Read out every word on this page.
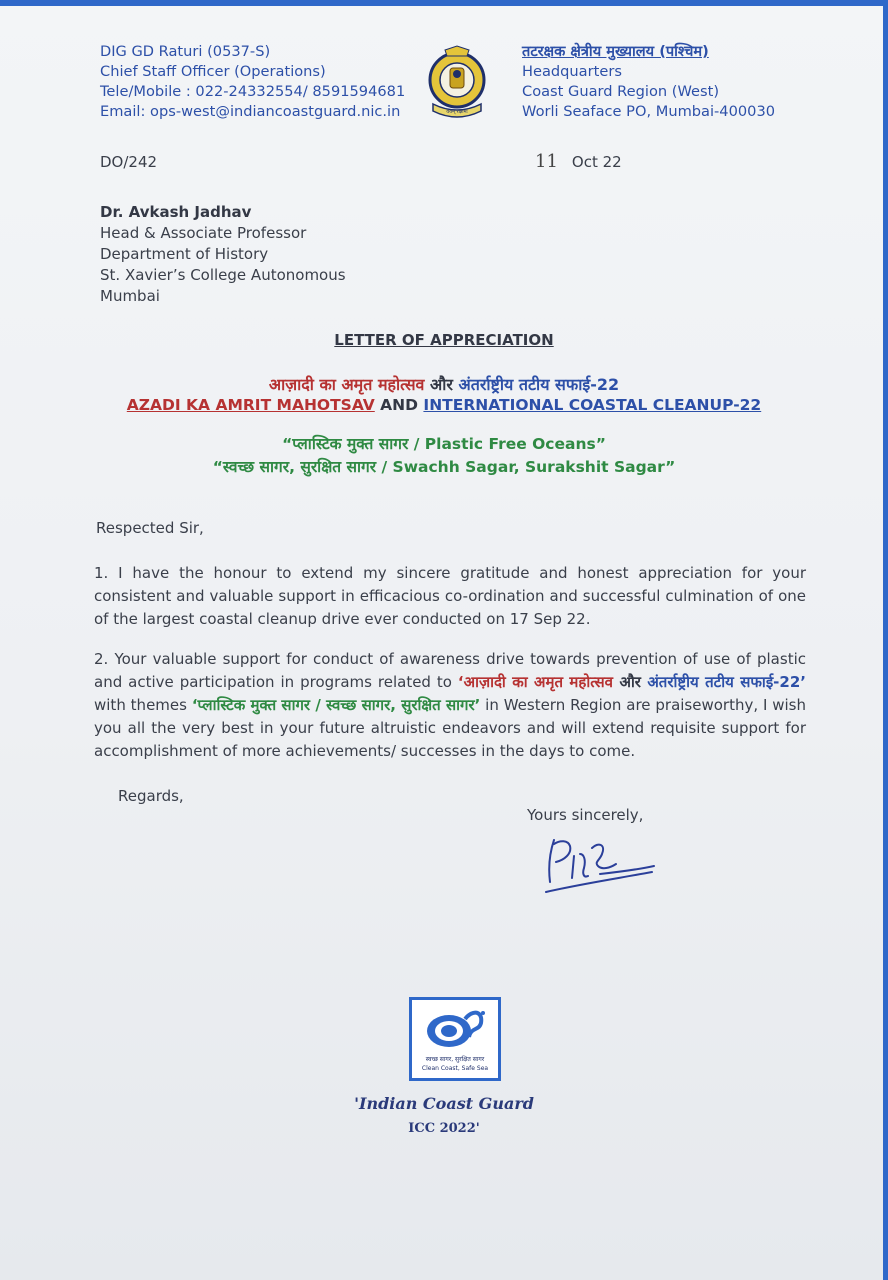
DIG GD Raturi (0537-S)
Chief Staff Officer (Operations)
Tele/Mobile : 022-24332554/ 8591594681
Email: ops-west@indiancoastguard.nic.in	वयम् रक्षामः
तटरक्षक क्षेत्रीय मुख्यालय (पश्चिम)
Headquarters
Coast Guard Region (West)
Worli Seaface PO, Mumbai-400030
DO/242	11 Oct 22
Dr. Avkash Jadhav
Head & Associate Professor
Department of History
St. Xavier’s College Autonomous
Mumbai
LETTER OF APPRECIATION
आज़ादी का अमृत महोत्सव और अंतर्राष्ट्रीय तटीय सफाई-22
AZADI KA AMRIT MAHOTSAV AND INTERNATIONAL COASTAL CLEANUP-22
“प्लास्टिक मुक्त सागर / Plastic Free Oceans”
“स्वच्छ सागर, सुरक्षित सागर / Swachh Sagar, Surakshit Sagar”
Respected Sir,
1. I have the honour to extend my sincere gratitude and honest appreciation for your consistent and valuable support in efficacious co-ordination and successful culmination of one of the largest coastal cleanup drive ever conducted on 17 Sep 22.
2. Your valuable support for conduct of awareness drive towards prevention of use of plastic and active participation in programs related to ‘आज़ादी का अमृत महोत्सव और अंतर्राष्ट्रीय तटीय सफाई-22’ with themes ‘प्लास्टिक मुक्त सागर / स्वच्छ सागर, सुरक्षित सागर’ in Western Region are praiseworthy, I wish you all the very best in your future altruistic endeavors and will extend requisite support for accomplishment of more achievements/ successes in the days to come.
Regards,
Yours sincerely,
स्वच्छ सागर, सुरक्षित सागर
Clean Coast, Safe Sea
'Indian Coast Guard
ICC 2022'
